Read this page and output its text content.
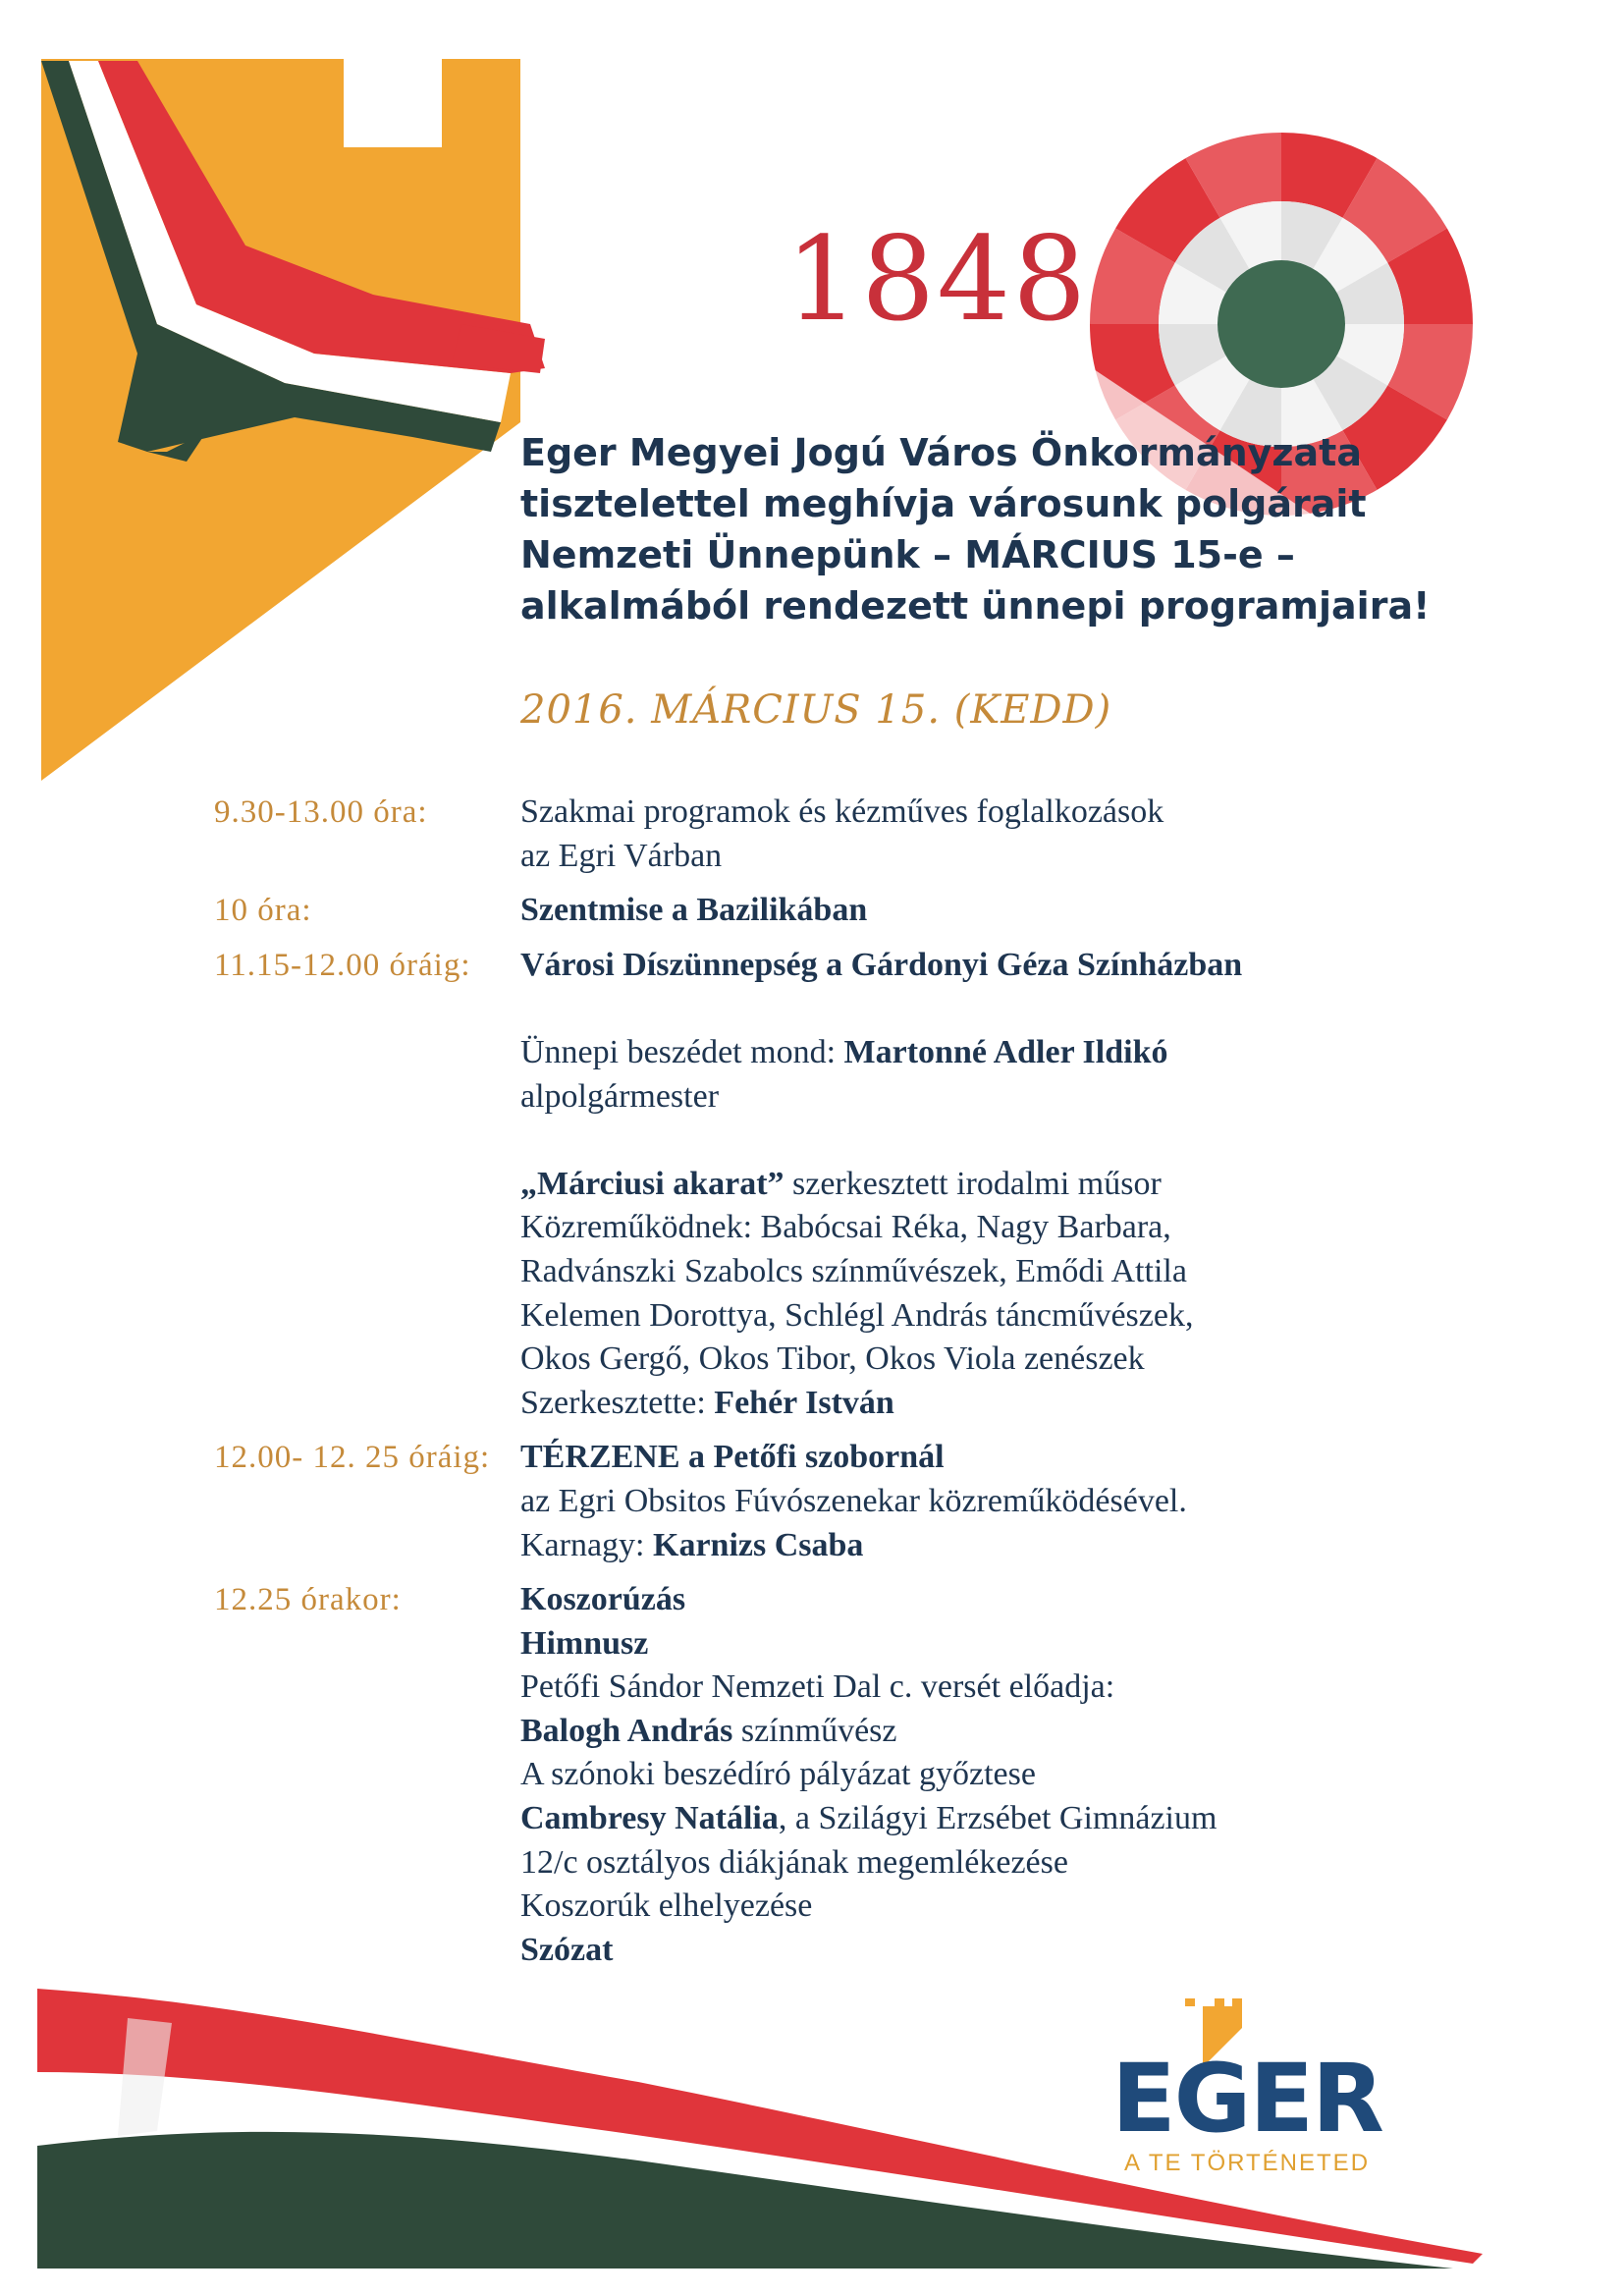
1848
Eger Megyei Jogú Város Önkormányzata
tisztelettel meghívja városunk polgárait
Nemzeti Ünnepünk – MÁRCIUS 15-e –
alkalmából rendezett ünnepi programjaira!
2016. MÁRCIUS 15. (KEDD)
9.30-13.00 óra:	Szakmai programok és kézműves foglalkozások
az Egri Várban
10 óra:	Szentmise a Bazilikában
11.15-12.00 óráig:	Városi Díszünnepség a Gárdonyi Géza Színházban
Ünnepi beszédet mond: Martonné Adler Ildikó
alpolgármester
„Márciusi akarat” szerkesztett irodalmi műsor
Közreműködnek: Babócsai Réka, Nagy Barbara,
Radvánszki Szabolcs színművészek, Emődi Attila
Kelemen Dorottya, Schlégl András táncművészek,
Okos Gergő, Okos Tibor, Okos Viola zenészek
Szerkesztette: Fehér István
12.00- 12. 25 óráig: TÉRZENE a Petőfi szobornál
az Egri Obsitos Fúvószenekar közreműködésével.
Karnagy: Karnizs Csaba
12.25 órakor:	Koszorúzás
Himnusz
Petőfi Sándor Nemzeti Dal c. versét előadja:
Balogh András színművész
A szónoki beszédíró pályázat győztese
Cambresy Natália, a Szilágyi Erzsébet Gimnázium
12/c osztályos diákjának megemlékezése
Koszorúk elhelyezése
Szózat
EGER
A TE TÖRTÉNETED
